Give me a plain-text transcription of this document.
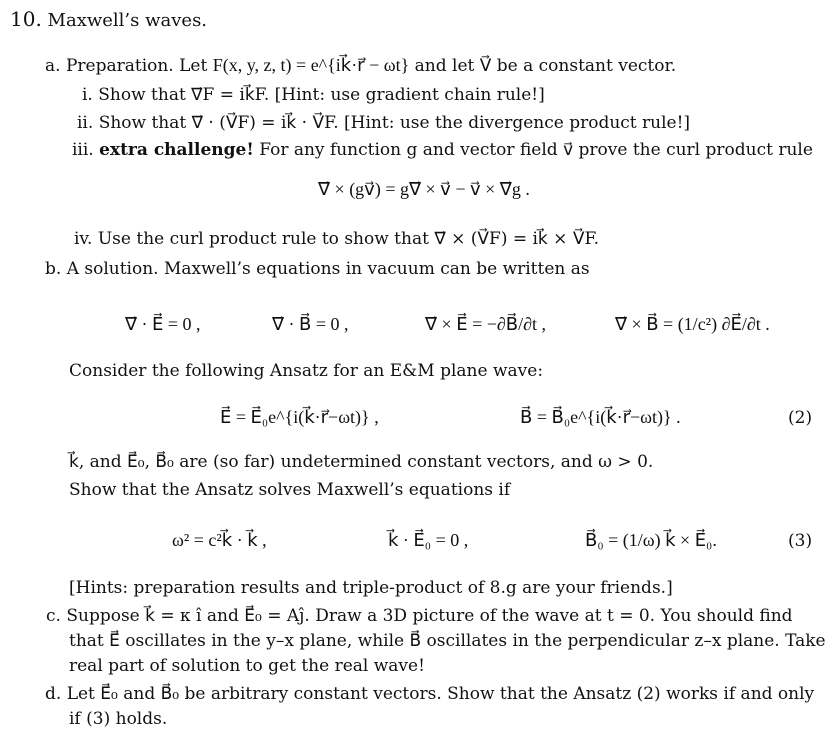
10. Maxwell’s waves.
a. Preparation. Let F(x, y, z, t) = e^{ik⃗·r⃗ − ωt} and let V⃗ be a constant vector.
i. Show that ∇⃗F = ik⃗F. [Hint: use gradient chain rule!]
ii. Show that ∇⃗ · (V⃗F) = ik⃗ · V⃗F. [Hint: use the divergence product rule!]
iii. extra challenge! For any function g and vector field v⃗ prove the curl product rule
∇⃗ × (gv⃗) = g∇⃗ × v⃗ − v⃗ × ∇⃗g .
iv. Use the curl product rule to show that ∇⃗ × (V⃗F) = ik⃗ × V⃗F.
b. A solution. Maxwell’s equations in vacuum can be written as
∇⃗ · E⃗ = 0 ,	∇⃗ · B⃗ = 0 ,	∇⃗ × E⃗ = −∂B⃗/∂t ,	∇⃗ × B⃗ = (1/c²) ∂E⃗/∂t .
Consider the following Ansatz for an E&M plane wave:
E⃗ = E⃗₀e^{i(k⃗·r⃗−ωt)} ,	B⃗ = B⃗₀e^{i(k⃗·r⃗−ωt)} .	(2)
k⃗, and E⃗₀, B⃗₀ are (so far) undetermined constant vectors, and ω > 0.
Show that the Ansatz solves Maxwell’s equations if
ω² = c²k⃗ · k⃗ ,	k⃗ · E⃗₀ = 0 ,	B⃗₀ = (1/ω) k⃗ × E⃗₀.	(3)
[Hints: preparation results and triple-product of 8.g are your friends.]
c. Suppose k⃗ = κ î and E⃗₀ = Aĵ. Draw a 3D picture of the wave at t = 0. You should find
that E⃗ oscillates in the y–x plane, while B⃗ oscillates in the perpendicular z–x plane. Take
real part of solution to get the real wave!
d. Let E⃗₀ and B⃗₀ be arbitrary constant vectors. Show that the Ansatz (2) works if and only
if (3) holds.
